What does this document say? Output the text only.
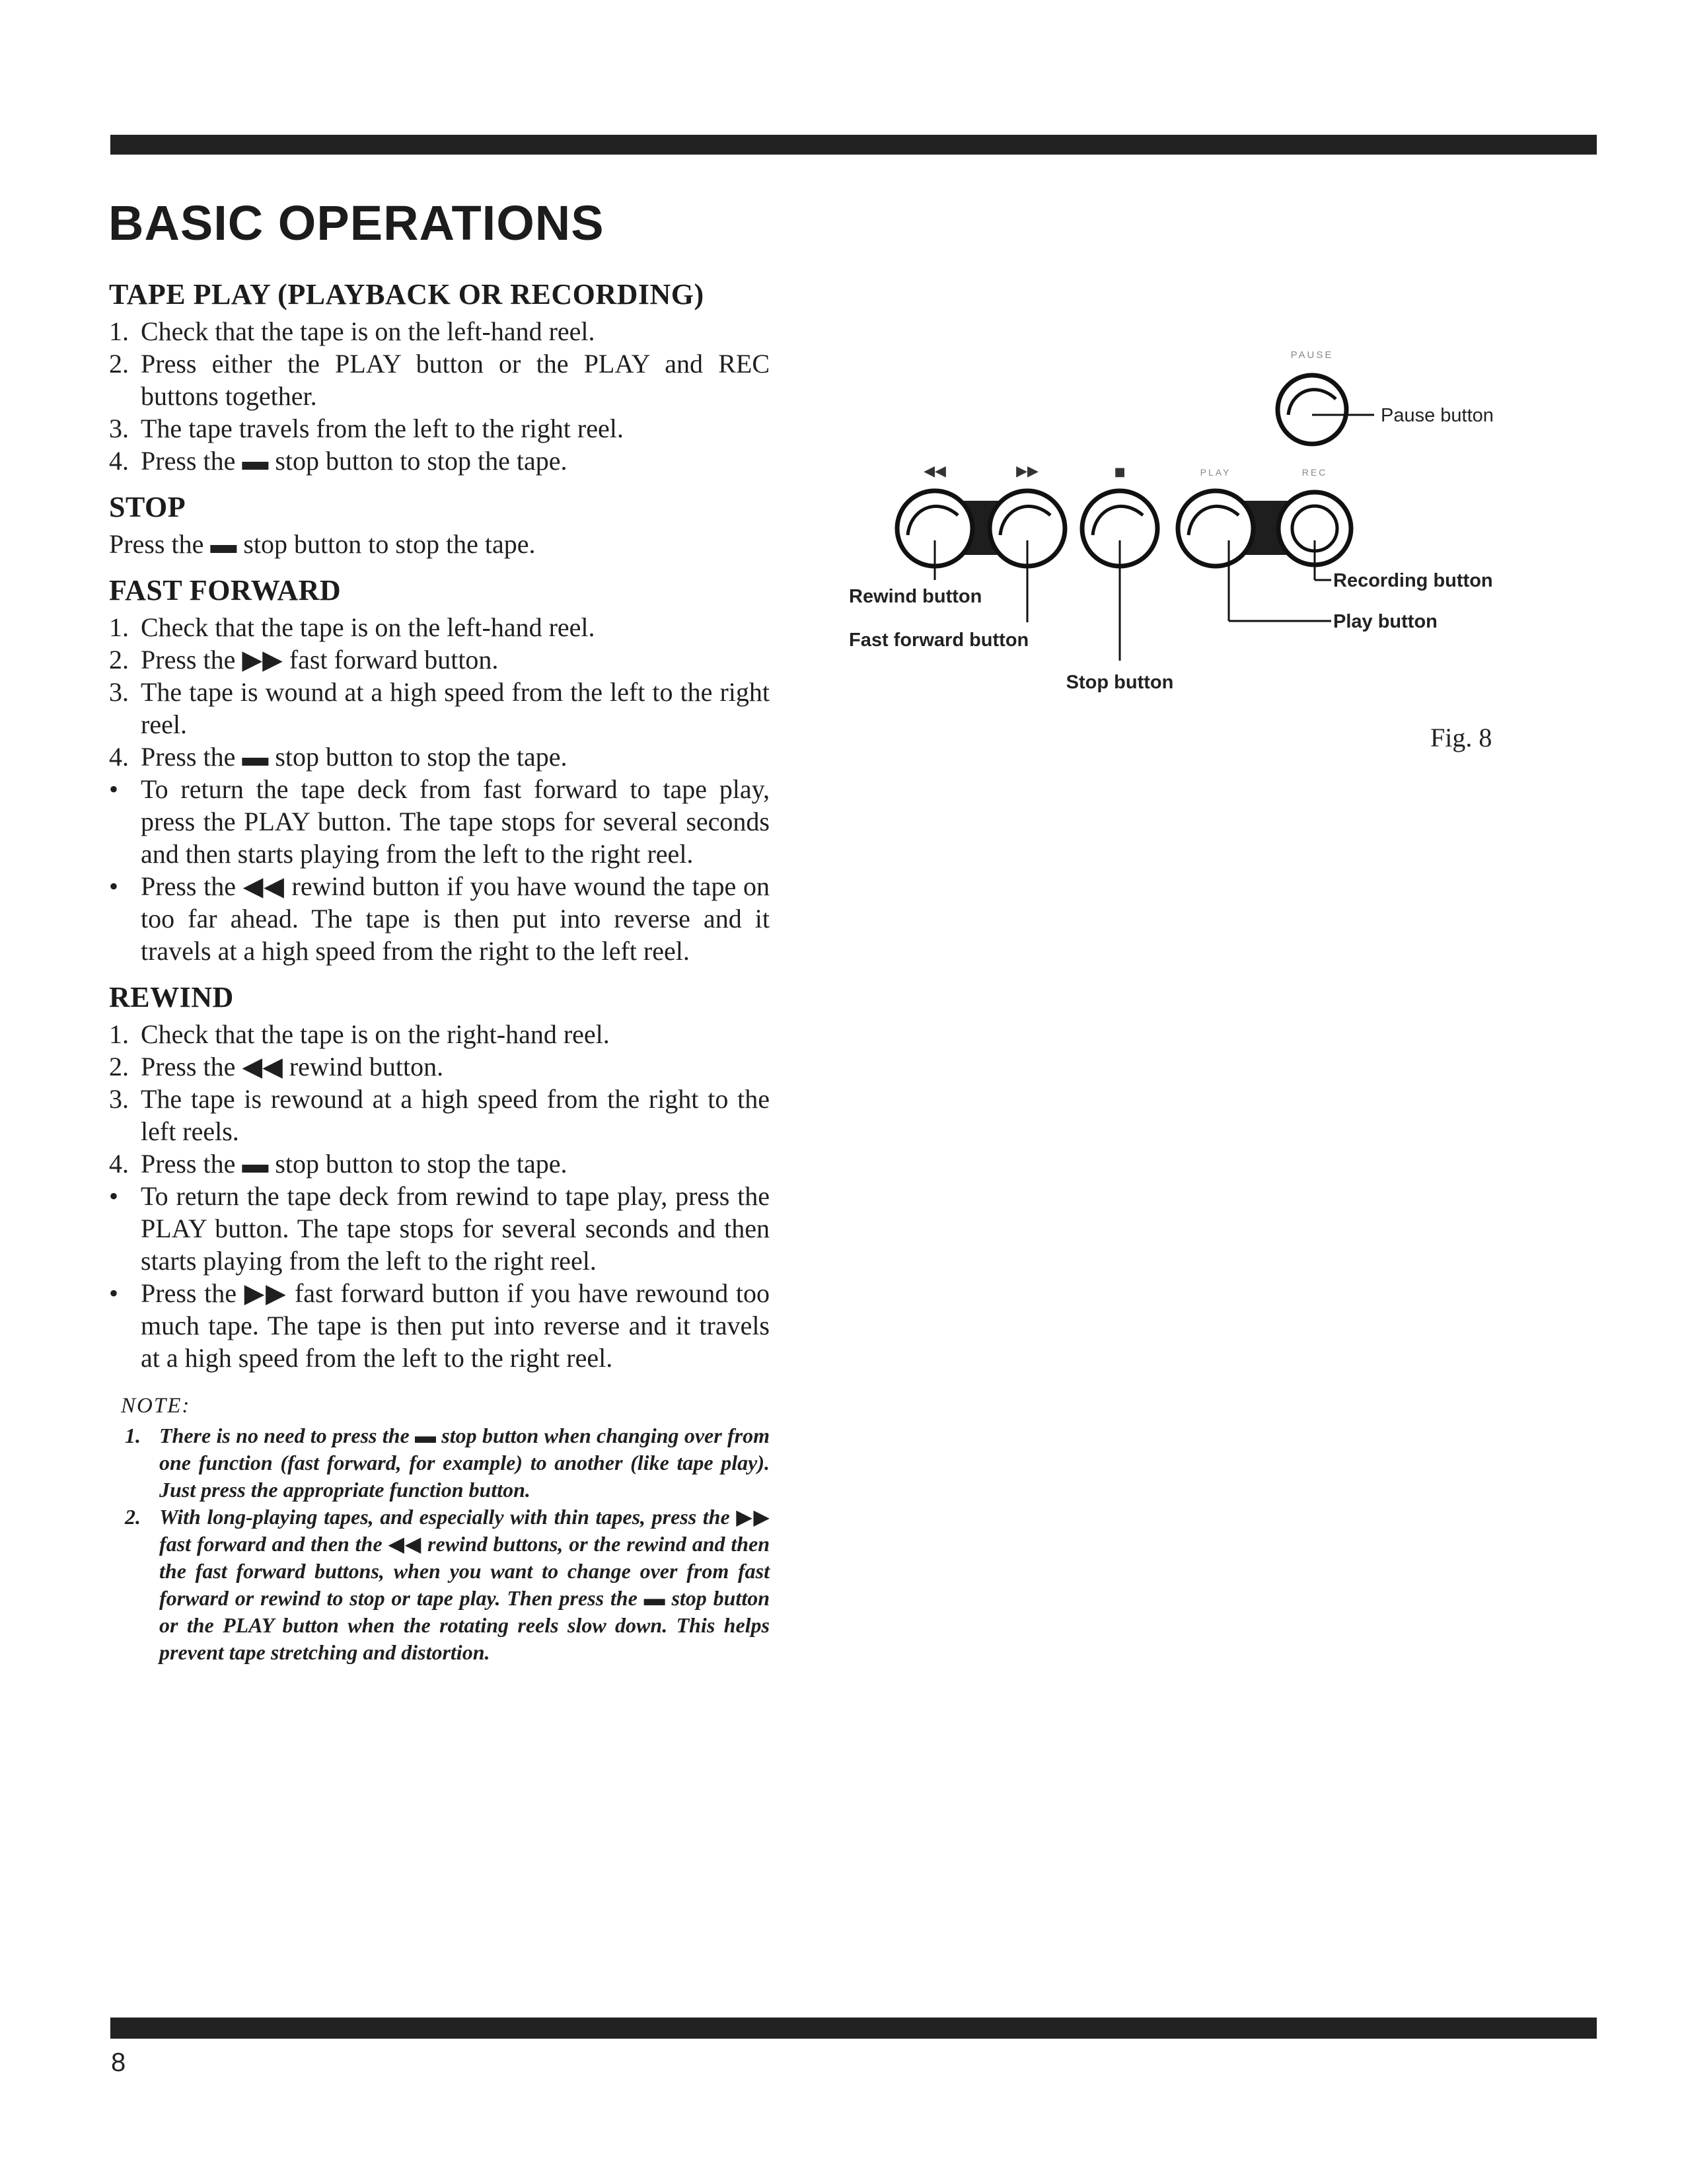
BASIC OPERATIONS
TAPE PLAY (PLAYBACK OR RECORDING)
1. Check that the tape is on the left-hand reel.
2. Press either the PLAY button or the PLAY and REC buttons together.
3. The tape travels from the left to the right reel.
4. Press the ▬ stop button to stop the tape.
STOP
Press the ▬ stop button to stop the tape.
FAST FORWARD
1. Check that the tape is on the left-hand reel.
2. Press the ▶▶ fast forward button.
3. The tape is wound at a high speed from the left to the right reel.
4. Press the ▬ stop button to stop the tape.
• To return the tape deck from fast forward to tape play, press the PLAY button. The tape stops for several seconds and then starts playing from the left to the right reel.
• Press the ◀◀ rewind button if you have wound the tape on too far ahead. The tape is then put into reverse and it travels at a high speed from the right to the left reel.
REWIND
1. Check that the tape is on the right-hand reel.
2. Press the ◀◀ rewind button.
3. The tape is rewound at a high speed from the right to the left reels.
4. Press the ▬ stop button to stop the tape.
• To return the tape deck from rewind to tape play, press the PLAY button. The tape stops for several seconds and then starts playing from the left to the right reel.
• Press the ▶▶ fast forward button if you have rewound too much tape. The tape is then put into reverse and it travels at a high speed from the left to the right reel.
NOTE:
1. There is no need to press the ▬ stop button when changing over from one function (fast forward, for example) to another (like tape play). Just press the appropriate function button.
2. With long-playing tapes, and especially with thin tapes, press the ▶▶ fast forward and then the ◀◀ rewind buttons, or the rewind and then the fast forward buttons, when you want to change over from fast forward or rewind to stop or tape play. Then press the ▬ stop button or the PLAY button when the rotating reels slow down. This helps prevent tape stretching and distortion.
PAUSE
◀◀	▶▶	■	PLAY	REC
Pause button
Rewind button
Fast forward button
Stop button
Recording button
Play button
Fig. 8
8
